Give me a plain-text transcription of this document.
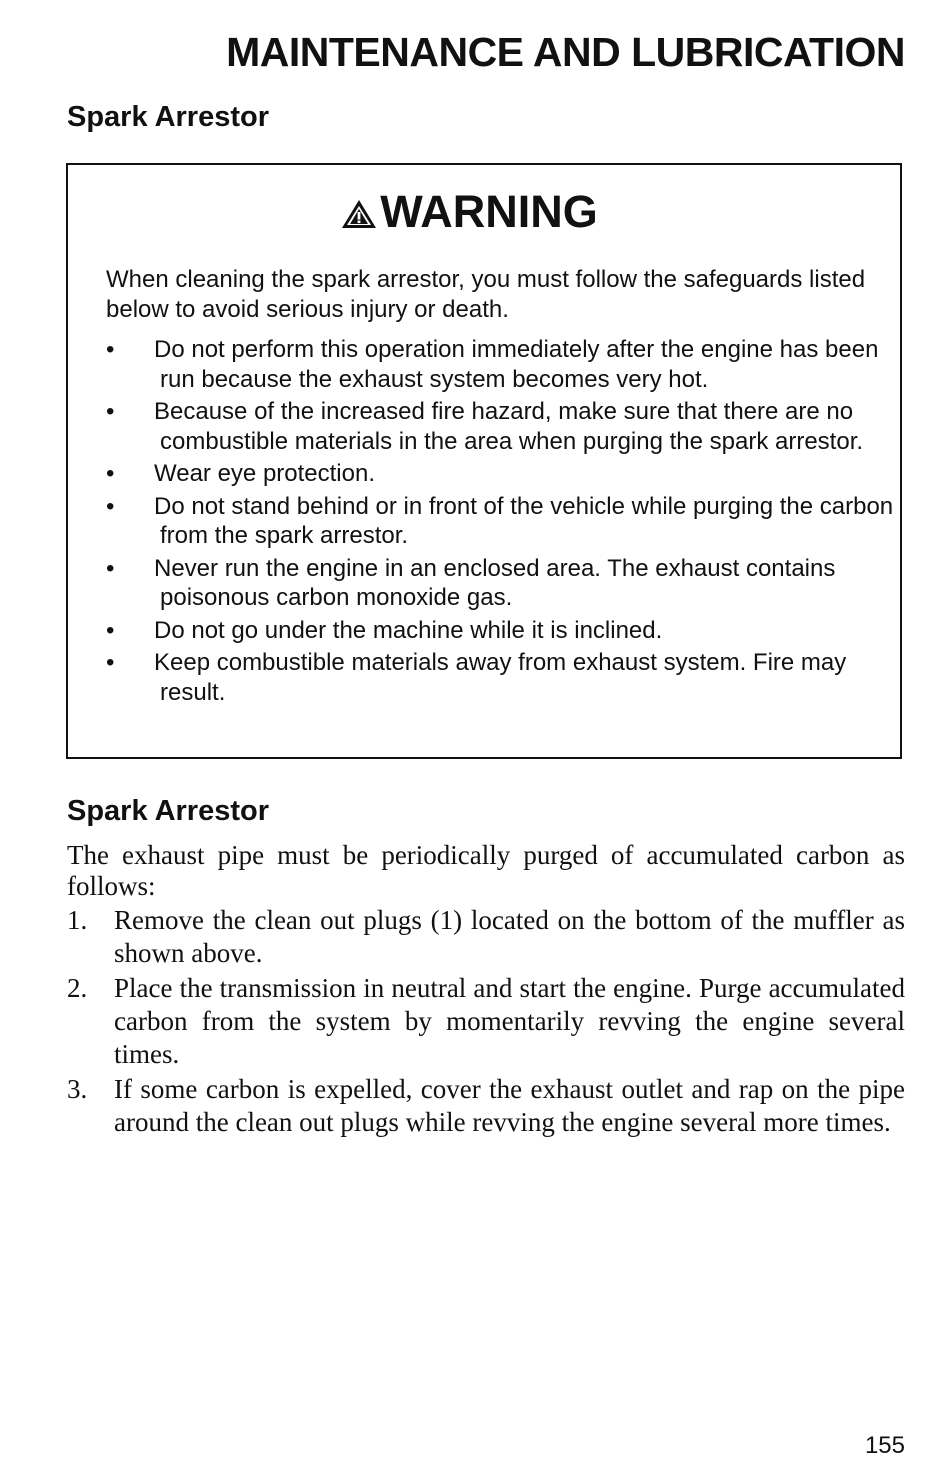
MAINTENANCE AND LUBRICATION
Spark Arrestor
WARNING

When cleaning the spark arrestor, you must follow the safeguards listed below to avoid serious injury or death.

• Do not perform this operation immediately after the engine has been run because the exhaust system becomes very hot.
• Because of the increased fire hazard, make sure that there are no combustible materials in the area when purging the spark arrestor.
• Wear eye protection.
• Do not stand behind or in front of the vehicle while purging the carbon from the spark arrestor.
• Never run the engine in an enclosed area. The exhaust contains poisonous carbon monoxide gas.
• Do not go under the machine while it is inclined.
• Keep combustible materials away from exhaust system. Fire may result.
Spark Arrestor

The exhaust pipe must be periodically purged of accumulated carbon as follows:

1. Remove the clean out plugs (1) located on the bottom of the muffler as shown above.
2. Place the transmission in neutral and start the engine. Purge accumulated carbon from the system by momentarily revving the engine several times.
3. If some carbon is expelled, cover the exhaust outlet and rap on the pipe around the clean out plugs while revving the engine several more times.

155
